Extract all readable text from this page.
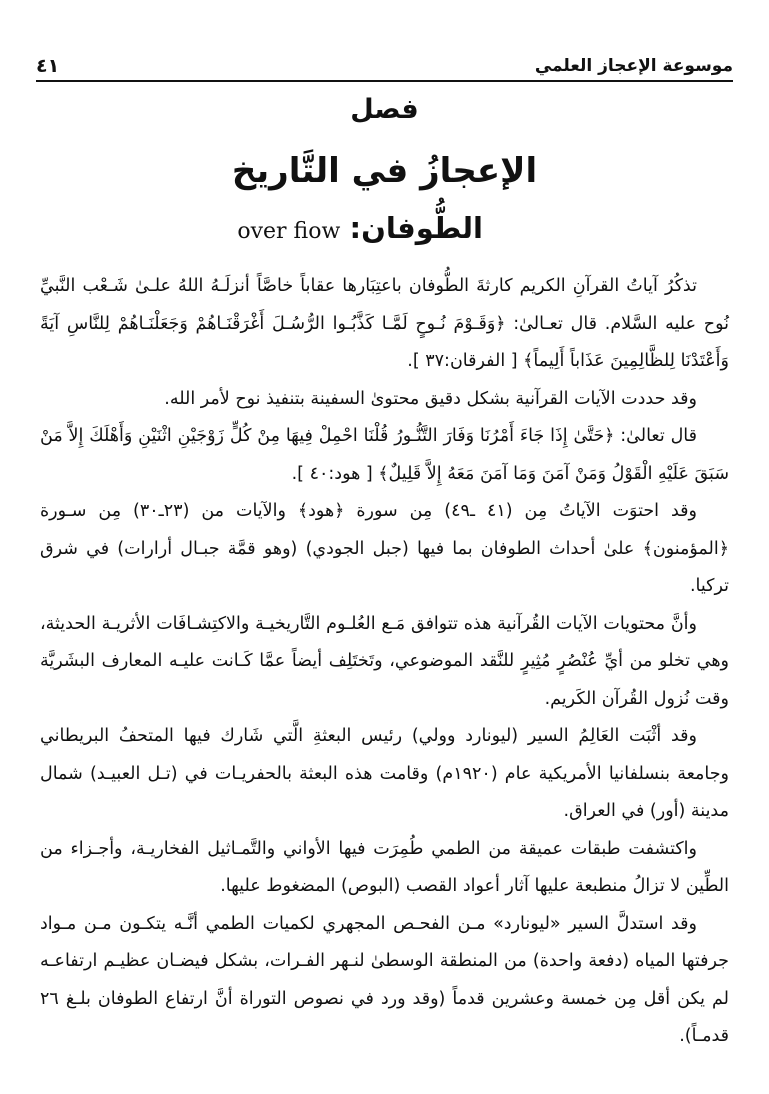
موسوعة الإعجاز العلمي
٤١
فصل
الإعجازُ في التَّاريخ
الطُّوفان: over fiow

تذكُرُ آياتُ القرآنِ الكريم كارثةَ الطُّوفان باعتِبَارها عقاباً خاصَّاً أنزلَـهُ اللهُ علـىٰ شَـعْب النَّبيِّ نُوح عليه السَّلام. قال تعـالىٰ: ﴿وَقَـوْمَ نُـوحٍ لَمَّـا كَذَّبُـوا الرُّسُـلَ أَغْرَقْنَـاهُمْ وَجَعَلْنَـاهُمْ لِلنَّاسِ آيَةً وَأَعْتَدْنَا لِلظَّالِمِينَ عَذَاباً أَلِيماً﴾ [ الفرقان:٣٧ ].

وقد حددت الآيات القرآنية بشكل دقيق محتوىٰ السفينة بتنفيذ نوح لأمر الله.

قال تعالىٰ: ﴿حَتَّىٰ إِذَا جَاءَ أَمْرُنَا وَفَارَ التَّنُّـورُ قُلْنَا احْمِلْ فِيهَا مِنْ كُلٍّ زَوْجَيْنِ اثْنَيْنِ وَأَهْلَكَ إِلاَّ مَنْ سَبَقَ عَلَيْهِ الْقَوْلُ وَمَنْ آمَنَ وَمَا آمَنَ مَعَهُ إِلاَّ قَلِيلٌ﴾ [ هود:٤٠ ].

وقد احتوَت الآياتُ مِن (٤١ ـ٤٩) مِن سورة ﴿هود﴾ والآيات من (٢٣ـ٣٠) مِن سـورة ﴿المؤمنون﴾ علىٰ أحداث الطوفان بما فيها (جبل الجودي) (وهو قمَّة جبـال أرارات) في شرق تركيا.

وأنَّ محتويات الآيات القُرآنية هذه تتوافق مَـع العُلـوم التَّاريخيـة والاكتِشـافَات الأثريـة الحديثة، وهي تخلو من أيِّ عُنْصُرٍ مُثِيرٍ للنَّقد الموضوعي، وتَختَلِف أيضاً عمَّا كَـانت عليـه المعارف البشَريَّة وقت نُزول القُرآن الكَريم.

وقد أثْبَت العَالِمُ السير (ليونارد وولي) رئيس البعثةِ الَّتي شَارك فيها المتحفُ البريطاني وجامعة بنسلفانيا الأمريكية عام (١٩٢٠م) وقامت هذه البعثة بالحفريـات في (تـل العبيـد) شمال مدينة (أور) في العراق.

واكتشفت طبقات عميقة من الطمي طُمِرَت فيها الأواني والتَّمـاثيل الفخاريـة، وأجـزاء من الطِّين لا تزالُ منطبعة عليها آثار أعواد القصب (البوص) المضغوط عليها.

وقد استدلَّ السير «ليونارد» مـن الفحـص المجهري لكميات الطمي أنَّـه يتكـون مـن مـواد جرفتها المياه (دفعة واحدة) من المنطقة الوسطىٰ لنـهر الفـرات، بشكل فيضـان عظيـم ارتفاعـه لم يكن أقل مِن خمسة وعشرين قدماً (وقد ورد في نصوص التوراة أنَّ ارتفاع الطوفان بلـغ ٢٦ قدمـاً).
